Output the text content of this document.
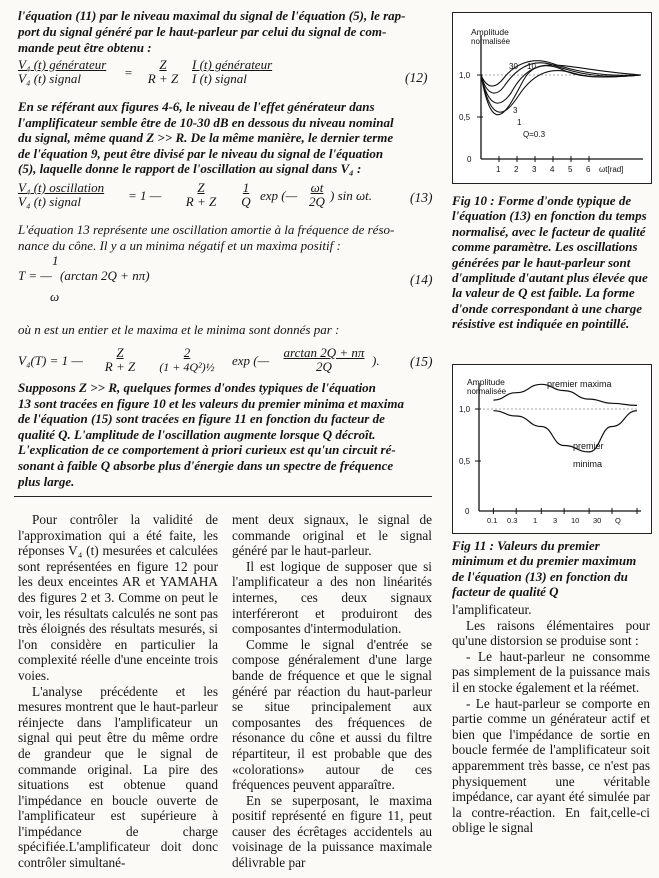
l'équation (11) par le niveau maximal du signal de l'équation (5), le rap-
port du signal généré par le haut-parleur par celui du signal de com-
mande peut être obtenu :
V₄ (t) générateur
V₄ (t) signal	= $\frac{Z}{R + Z}$ I (t) générateur
I (t) signal	(12)
En se référant aux figures 4-6, le niveau de l'effet générateur dans
l'amplificateur semble être de 10-30 dB en dessous du niveau nominal
du signal, même quand Z >> R. De la même manière, le dernier terme
de l'équation 9, peut être divisé par le niveau du signal de l'équation
(5), laquelle donne le rapport de l'oscillation au signal dans V₄ :
V₄ (t) oscillation
V₄ (t) signal	= 1 — $\frac{Z}{R + Z} \frac{1}{Q}$ exp (— $\frac{\omega t}{2Q}$ ) sin ωt.	(13)
L'équation 13 représente une oscillation amortie à la fréquence de réso-
nance du cône. Il y a un minima négatif et un maxima positif :
T = —
1
(arctan 2Q + nπ)
ω
(14)
où n est un entier et le maxima et le minima sont donnés par :
V₄(T) = 1 — $\frac{Z}{R + Z} \frac{2}{\text{(1 + 4Q²)½}}$ exp (— $\frac{\arctan 2Q + n\pi}{2Q}$ ). (15)
Supposons Z >> R, quelques formes d'ondes typiques de l'équation
13 sont tracées en figure 10 et les valeurs du premier minima et maxima
de l'équation (15) sont tracées en figure 11 en fonction du facteur de
qualité Q. L'amplitude de l'oscillation augmente lorsque Q décroît.
L'explication de ce comportement à priori curieux est qu'un circuit ré-
sonant à faible Q absorbe plus d'énergie dans un spectre de fréquence
plus large.
Amplitude
normalisée
1,0
0,5
0
1 2 3 4 5 6 ωt[rad]
30 10
3
1
Q=0.3
Fig 10 : Forme d'onde typique de l'équation (13) en fonction du temps normalisé, avec le facteur de qualité comme paramètre. Les oscillations générées par le haut-parleur sont d'amplitude d'autant plus élevée que la valeur de Q est faible. La forme d'onde correspondant à une charge résistive est indiquée en pointillé.
Amplitude
normalisée
1,0
0,5
0
0.1 0.3 1 3 10 30 Q
premier maxima
premier
minima
Fig 11 : Valeurs du premier minimum et du premier maximum de l'équation (13) en fonction du facteur de qualité Q

Pour contrôler la validité de l'approximation qui a été faite, les réponses V₄ (t) mesurées et calculées sont représentées en figure 12 pour les deux enceintes AR et YAMAHA des figures 2 et 3. Comme on peut le voir, les résultats calculés ne sont pas très éloignés des résultats mesurés, si l'on considère en particulier la complexité réelle d'une enceinte trois voies.

L'analyse précédente et les mesures montrent que le haut-parleur réinjecte dans l'amplificateur un signal qui peut être du même ordre de grandeur que le signal de commande original. La pire des situations est obtenue quand l'impédance en boucle ouverte de l'amplificateur est supérieure à l'impédance de charge spécifiée.L'amplificateur doit donc contrôler simultané-

ment deux signaux, le signal de commande original et le signal généré par le haut-parleur.

Il est logique de supposer que si l'amplificateur a des non linéarités internes, ces deux signaux interféreront et produiront des composantes d'intermodulation.

Comme le signal d'entrée se compose généralement d'une large bande de fréquence et que le signal généré par réaction du haut-parleur se situe principalement aux composantes des fréquences de résonance du cône et aussi du filtre répartiteur, il est probable que des «colorations» autour de ces fréquences peuvent apparaître.

En se superposant, le maxima positif représenté en figure 11, peut causer des écrêtages accidentels au voisinage de la puissance maximale délivrable par

l'amplificateur.

Les raisons élémentaires pour qu'une distorsion se produise sont :

- Le haut-parleur ne consomme pas simplement de la puissance mais il en stocke également et la réémet.

- Le haut-parleur se comporte en partie comme un générateur actif et bien que l'impédance de sortie en boucle fermée de l'amplificateur soit apparemment très basse, ce n'est pas physiquement une véritable impédance, car ayant été simulée par la contre-réaction. En fait,celle-ci oblige le signal
